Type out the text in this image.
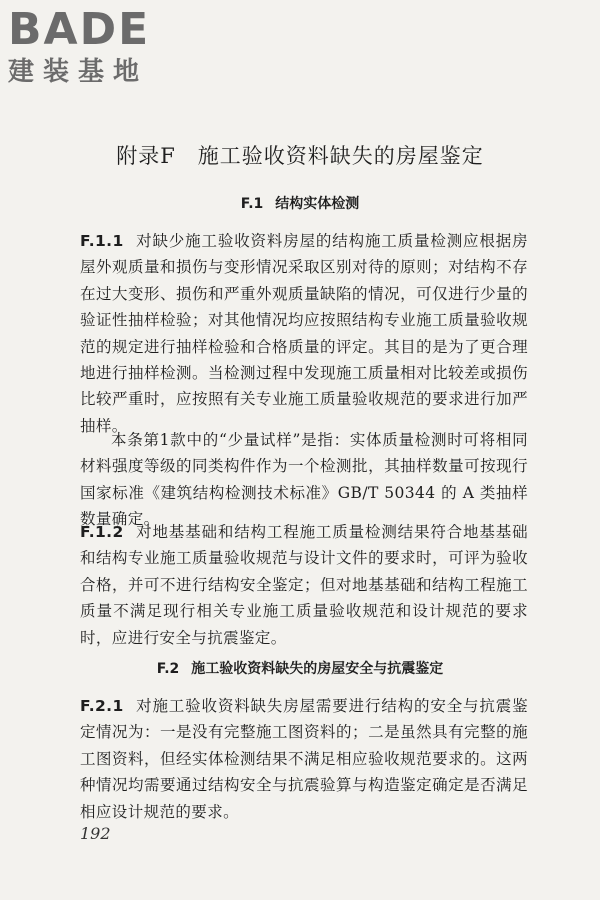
BADE
建装基地
附录F　施工验收资料缺失的房屋鉴定
F.1 结构实体检测
F.1.1 对缺少施工验收资料房屋的结构施工质量检测应根据房屋外观质量和损伤与变形情况采取区别对待的原则；对结构不存在过大变形、损伤和严重外观质量缺陷的情况，可仅进行少量的验证性抽样检验；对其他情况均应按照结构专业施工质量验收规范的规定进行抽样检验和合格质量的评定。其目的是为了更合理地进行抽样检测。当检测过程中发现施工质量相对比较差或损伤比较严重时，应按照有关专业施工质量验收规范的要求进行加严抽样。
本条第1款中的“少量试样”是指：实体质量检测时可将相同材料强度等级的同类构件作为一个检测批，其抽样数量可按现行国家标准《建筑结构检测技术标准》GB/T 50344 的 A 类抽样数量确定。
F.1.2 对地基基础和结构工程施工质量检测结果符合地基基础和结构专业施工质量验收规范与设计文件的要求时，可评为验收合格，并可不进行结构安全鉴定；但对地基基础和结构工程施工质量不满足现行相关专业施工质量验收规范和设计规范的要求时，应进行安全与抗震鉴定。
F.2 施工验收资料缺失的房屋安全与抗震鉴定
F.2.1 对施工验收资料缺失房屋需要进行结构的安全与抗震鉴定情况为：一是没有完整施工图资料的；二是虽然具有完整的施工图资料，但经实体检测结果不满足相应验收规范要求的。这两种情况均需要通过结构安全与抗震验算与构造鉴定确定是否满足相应设计规范的要求。
192
